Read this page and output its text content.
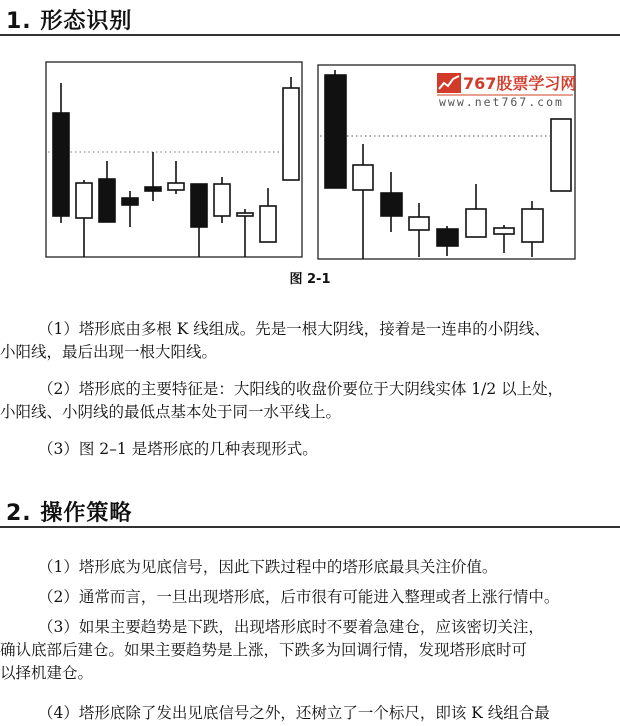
1. 形态识别
767股票学习网
www.net767.com
图 2-1
（1）塔形底由多根 K 线组成。先是一根大阴线，接着是一连串的小阴线、
小阳线，最后出现一根大阳线。
（2）塔形底的主要特征是：大阳线的收盘价要位于大阴线实体 1/2 以上处，
小阳线、小阴线的最低点基本处于同一水平线上。
（3）图 2–1 是塔形底的几种表现形式。
2. 操作策略
（1）塔形底为见底信号，因此下跌过程中的塔形底最具关注价值。
（2）通常而言，一旦出现塔形底，后市很有可能进入整理或者上涨行情中。
（3）如果主要趋势是下跌，出现塔形底时不要着急建仓，应该密切关注，
确认底部后建仓。如果主要趋势是上涨，下跌多为回调行情，发现塔形底时可
以择机建仓。
（4）塔形底除了发出见底信号之外，还树立了一个标尺，即该 K 线组合最
